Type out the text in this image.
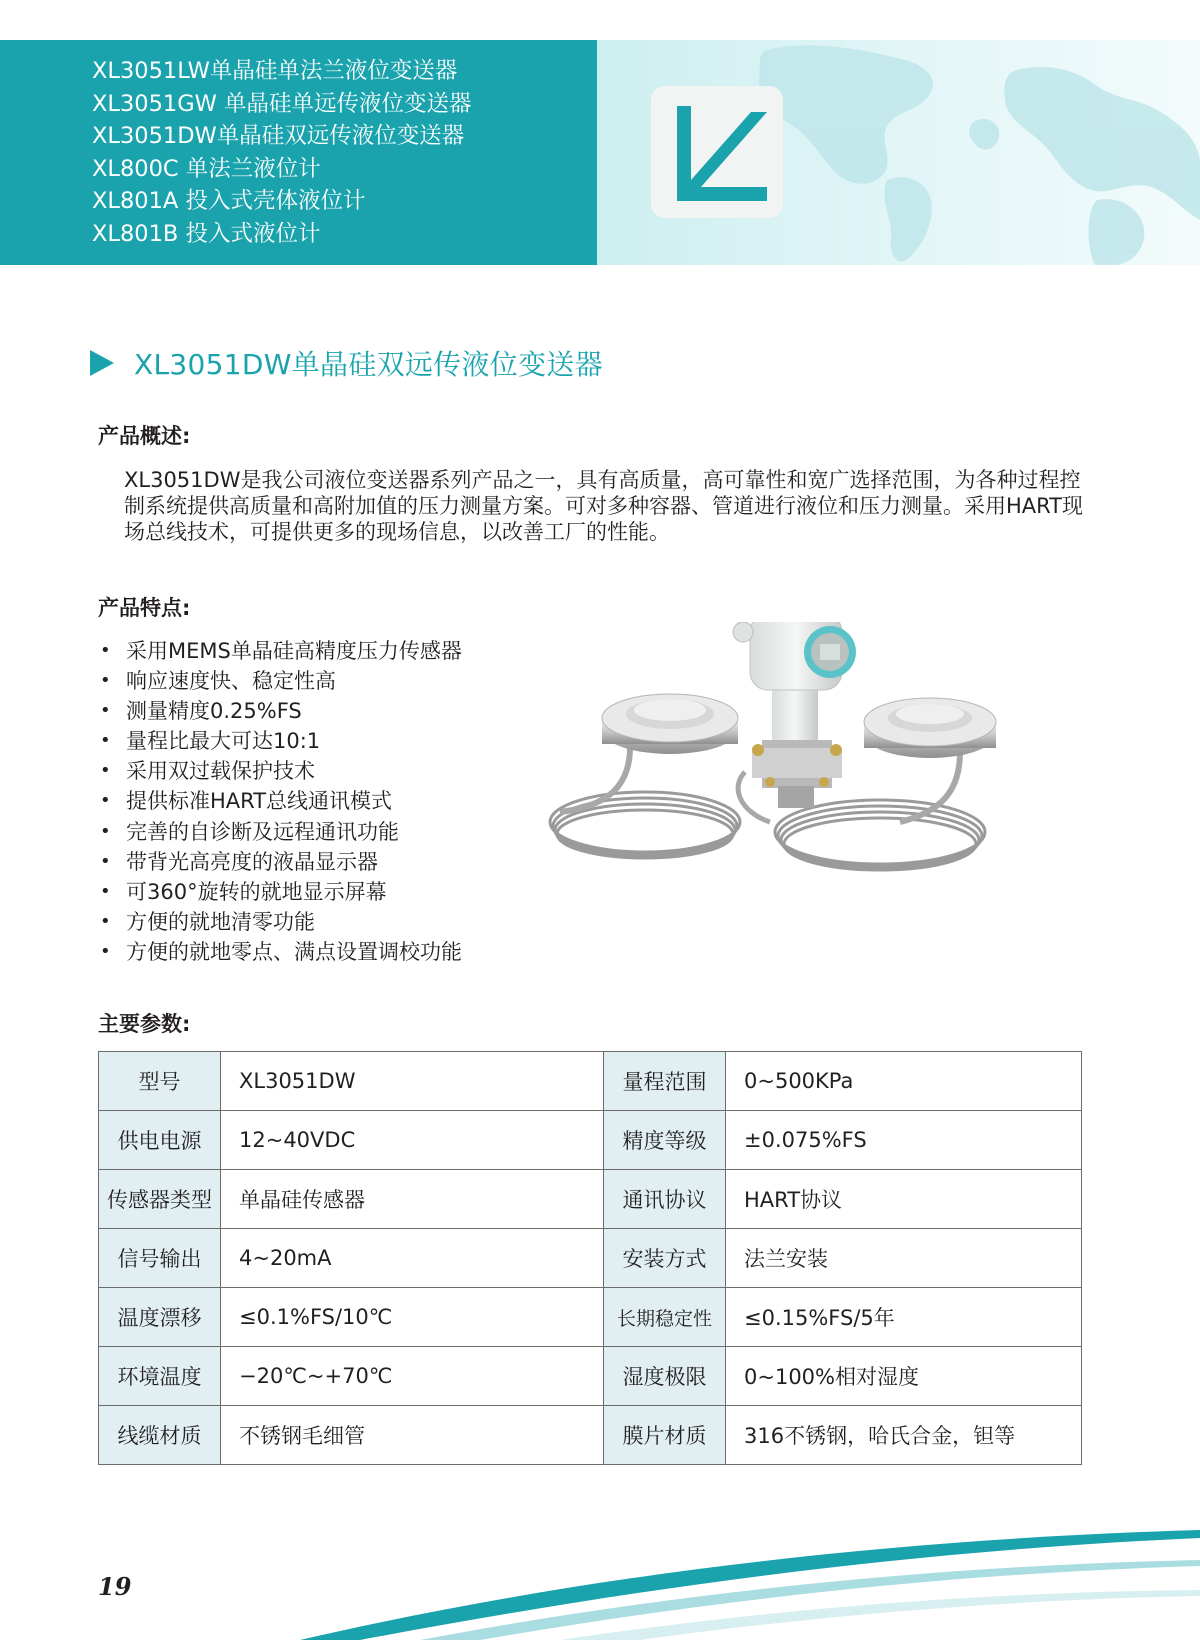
XL3051LW单晶硅单法兰液位变送器
XL3051GW 单晶硅单远传液位变送器
XL3051DW单晶硅双远传液位变送器
XL800C 单法兰液位计
XL801A 投入式壳体液位计
XL801B 投入式液位计
XL3051DW单晶硅双远传液位变送器
产品概述:

XL3051DW是我公司液位变送器系列产品之一，具有高质量，高可靠性和宽广选择范围，为各种过程控制系统提供高质量和高附加值的压力测量方案。可对多种容器、管道进行液位和压力测量。采用HART现场总线技术，可提供更多的现场信息，以改善工厂的性能。

产品特点:
• 采用MEMS单晶硅高精度压力传感器
• 响应速度快、稳定性高
• 测量精度0.25%FS
• 量程比最大可达10:1
• 采用双过载保护技术
• 提供标准HART总线通讯模式
• 完善的自诊断及远程通讯功能
• 带背光高亮度的液晶显示器
• 可360°旋转的就地显示屏幕
• 方便的就地清零功能
• 方便的就地零点、满点设置调校功能
主要参数:
型号	XL3051DW	量程范围	0~500KPa
供电电源	12~40VDC	精度等级	±0.075%FS
传感器类型	单晶硅传感器	通讯协议	HART协议
信号输出	4~20mA	安装方式	法兰安装
温度漂移	≤0.1%FS/10℃	长期稳定性	≤0.15%FS/5年
环境温度	−20℃~+70℃	湿度极限	0~100%相对湿度
线缆材质	不锈钢毛细管	膜片材质	316不锈钢，哈氏合金，钽等
19
